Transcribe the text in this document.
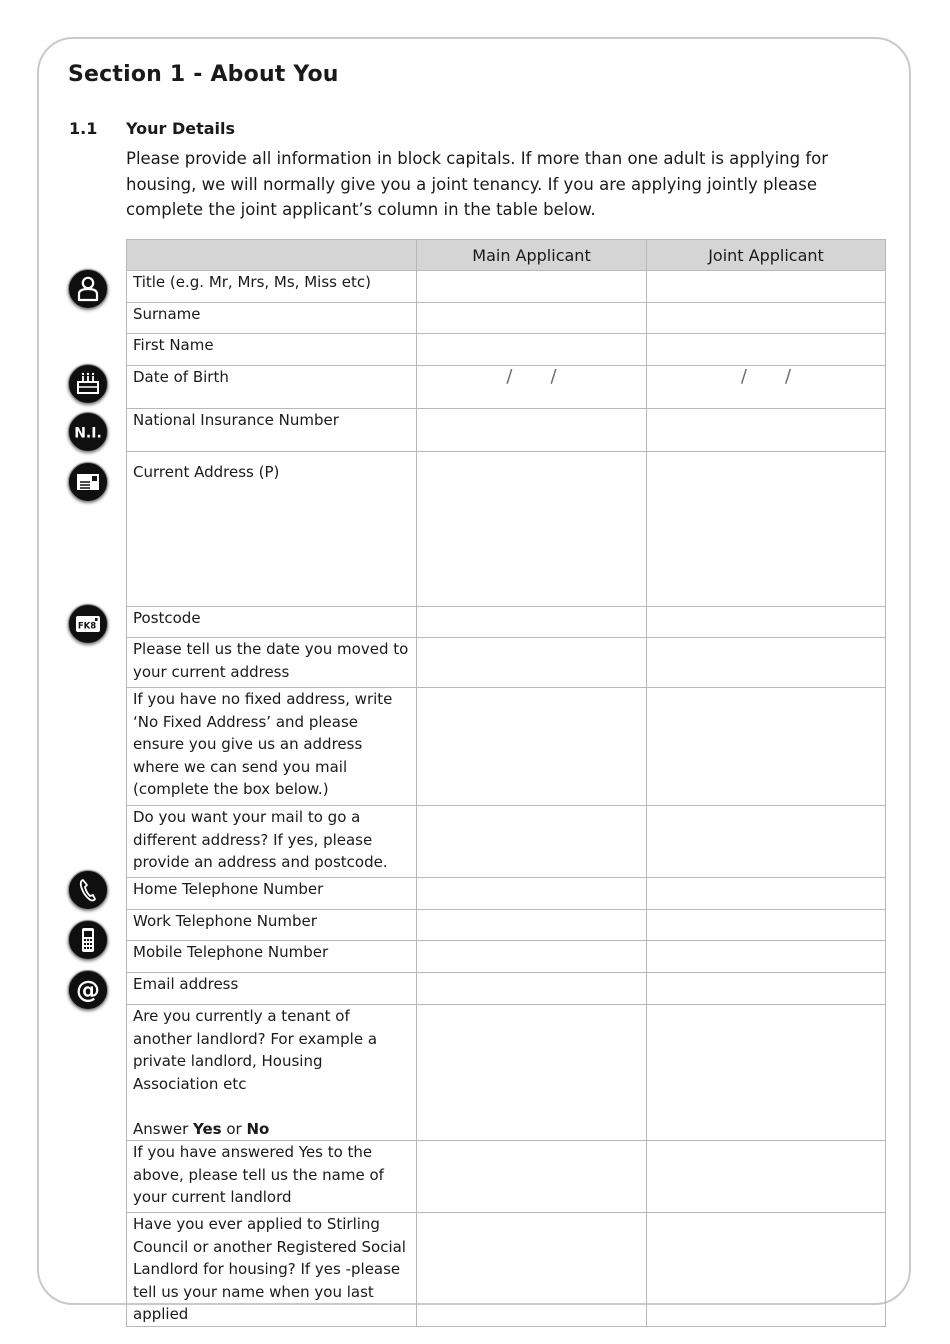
Section 1 - About You
1.1 Your Details

Please provide all information in block capitals. If more than one adult is applying for housing, we will normally give you a joint tenancy. If you are applying jointly please complete the joint applicant’s column in the table below.

N.I.
FK8
@
	Main Applicant	Joint Applicant
Title (e.g. Mr, Mrs, Ms, Miss etc)		
Surname		
First Name		
Date of Birth	/ /	/ /
National Insurance Number		
Current Address (P)		
Postcode		
Please tell us the date you moved to your current address		
If you have no fixed address, write ‘No Fixed Address’ and please ensure you give us an address where we can send you mail (complete the box below.)		
Do you want your mail to go a different address? If yes, please provide an address and postcode.		
Home Telephone Number		
Work Telephone Number		
Mobile Telephone Number		
Email address		

Are you currently a tenant of another landlord? For example a private landlord, Housing Association etc
Answer Yes or No		

If you have answered Yes to the above, please tell us the name of your current landlord		
Have you ever applied to Stirling Council or another Registered Social Landlord for housing? If yes -please tell us your name when you last applied		
